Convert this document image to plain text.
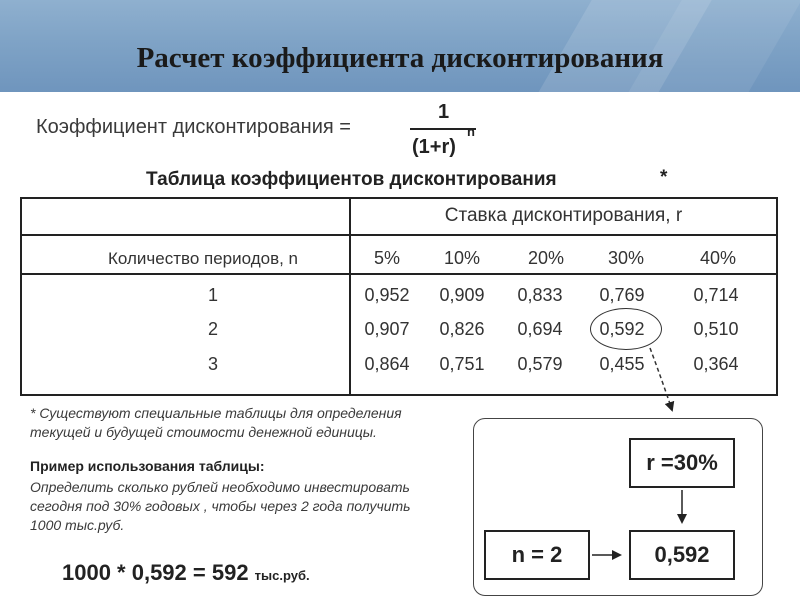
Расчет коэффициента дисконтирования
Коэффициент дисконтирования =
1
(1+r)
n
Таблица коэффициентов дисконтирования	*
Ставка дисконтирования, r
Количество периодов, n	5%	10%	20%	30%	40%
1	0,952	0,909	0,833	0,769	0,714
2	0,907	0,826	0,694	0,592	0,510
3	0,864	0,751	0,579	0,455	0,364
* Существуют специальные таблицы для определения
текущей и будущей стоимости денежной единицы.
Пример использования таблицы:
Определить сколько рублей необходимо инвестировать
сегодня под 30% годовых , чтобы через 2 года получить
1000 тыс.руб.
1000 * 0,592 = 592 тыс.руб.
r =30%
n = 2	0,592
